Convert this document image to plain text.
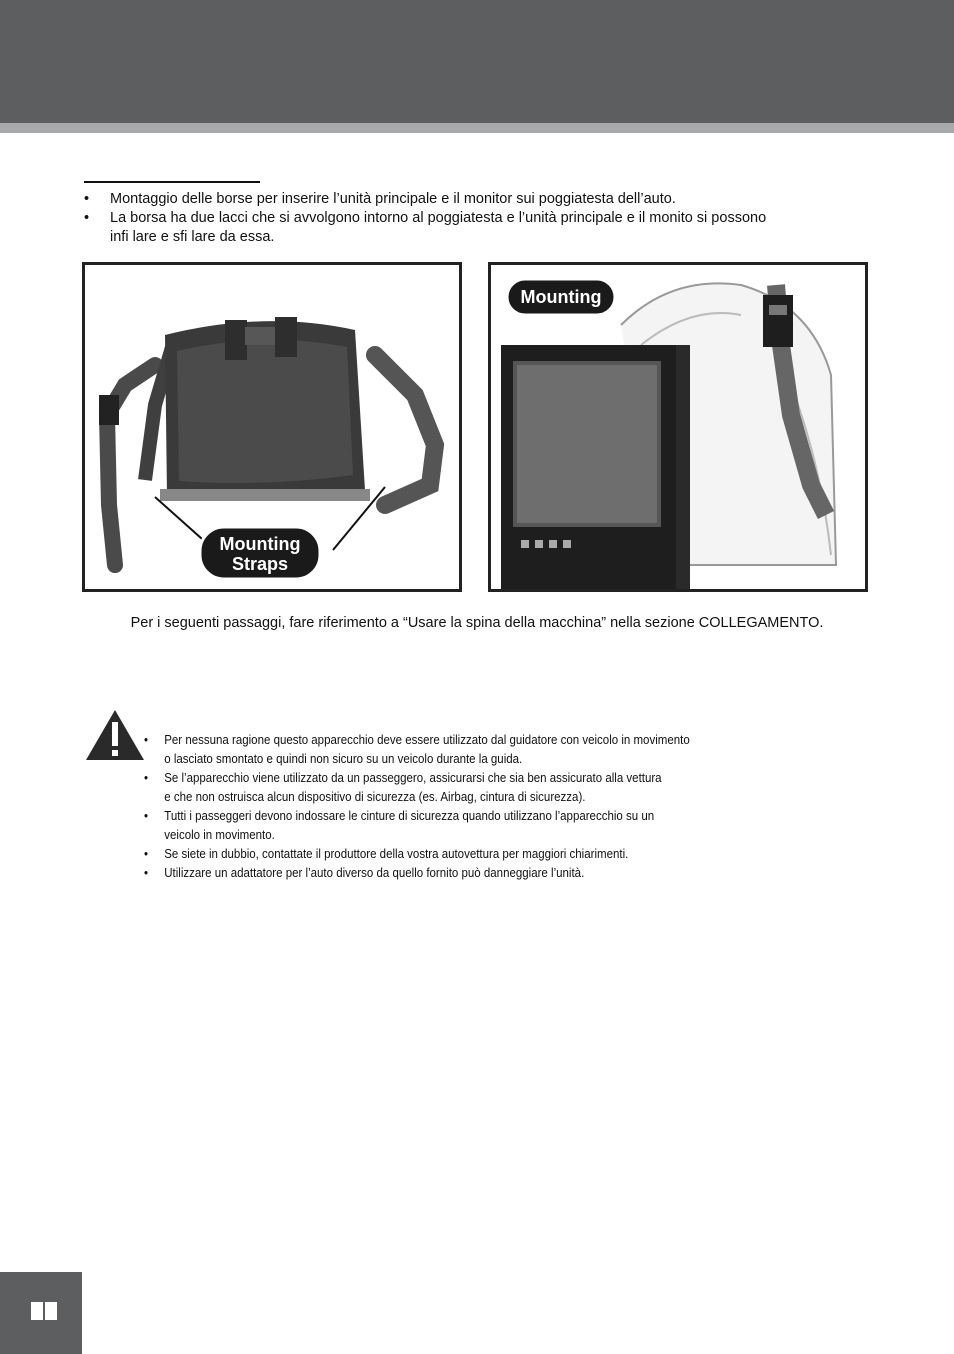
• Montaggio delle borse per inserire l’unità principale e il monitor sui poggiatesta dell’auto.
• La borsa ha due lacci che si avvolgono intorno al poggiatesta e l’unità principale e il monito si possono
infi lare e sfi lare da essa.
Mounting
Straps
Mounting
Per i seguenti passaggi, fare riferimento a “Usare la spina della macchina” nella sezione COLLEGAMENTO.
• Per nessuna ragione questo apparecchio deve essere utilizzato dal guidatore con veicolo in movimento
o lasciato smontato e quindi non sicuro su un veicolo durante la guida.
• Se l’apparecchio viene utilizzato da un passeggero, assicurarsi che sia ben assicurato alla vettura
e che non ostruisca alcun dispositivo di sicurezza (es. Airbag, cintura di sicurezza).
• Tutti i passeggeri devono indossare le cinture di sicurezza quando utilizzano l’apparecchio su un
veicolo in movimento.
• Se siete in dubbio, contattate il produttore della vostra autovettura per maggiori chiarimenti.
• Utilizzare un adattatore per l’auto diverso da quello fornito può danneggiare l’unità.
